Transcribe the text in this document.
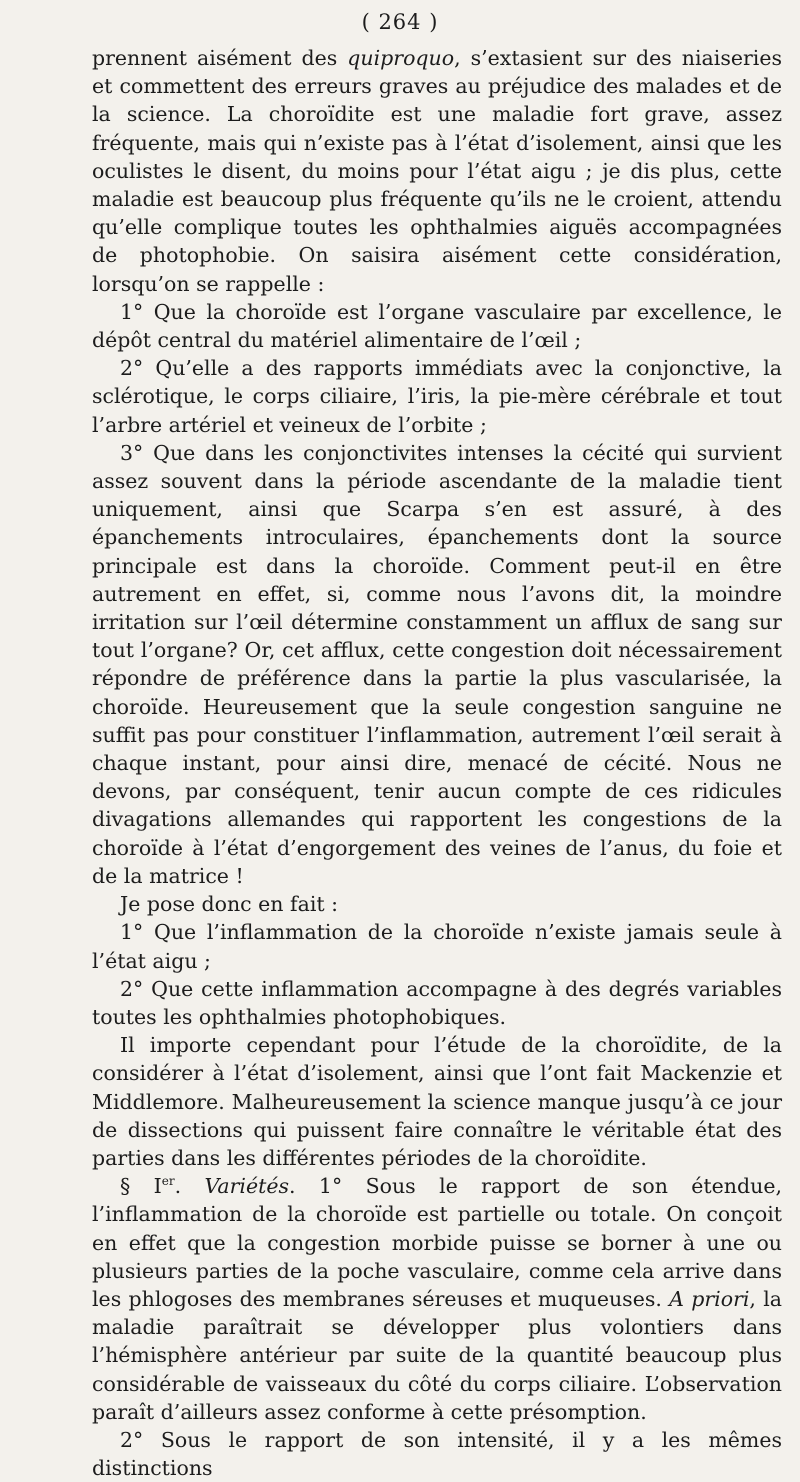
( 264 )

prennent aisément des quiproquo, s’extasient sur des niaiseries et commettent des erreurs graves au préjudice des malades et de la science. La choroïdite est une maladie fort grave, assez fréquente, mais qui n’existe pas à l’état d’isolement, ainsi que les oculistes le disent, du moins pour l’état aigu ; je dis plus, cette maladie est beaucoup plus fréquente qu’ils ne le croient, attendu qu’elle complique toutes les ophthalmies aiguës accompagnées de photophobie. On saisira aisément cette considération, lorsqu’on se rappelle :

1° Que la choroïde est l’organe vasculaire par excellence, le dépôt central du matériel alimentaire de l’œil ;

2° Qu’elle a des rapports immédiats avec la conjonctive, la sclérotique, le corps ciliaire, l’iris, la pie-mère cérébrale et tout l’arbre artériel et veineux de l’orbite ;

3° Que dans les conjonctivites intenses la cécité qui survient assez souvent dans la période ascendante de la maladie tient uniquement, ainsi que Scarpa s’en est assuré, à des épanchements introculaires, épanchements dont la source principale est dans la choroïde. Comment peut-il en être autrement en effet, si, comme nous l’avons dit, la moindre irritation sur l’œil détermine constamment un afflux de sang sur tout l’organe? Or, cet afflux, cette congestion doit nécessairement répondre de préférence dans la partie la plus vascularisée, la choroïde. Heureusement que la seule congestion sanguine ne suffit pas pour constituer l’inflammation, autrement l’œil serait à chaque instant, pour ainsi dire, menacé de cécité. Nous ne devons, par conséquent, tenir aucun compte de ces ridicules divagations allemandes qui rapportent les congestions de la choroïde à l’état d’engorgement des veines de l’anus, du foie et de la matrice !

Je pose donc en fait :

1° Que l’inflammation de la choroïde n’existe jamais seule à l’état aigu ;

2° Que cette inflammation accompagne à des degrés variables toutes les ophthalmies photophobiques.

Il importe cependant pour l’étude de la choroïdite, de la considérer à l’état d’isolement, ainsi que l’ont fait Mackenzie et Middlemore. Malheureusement la science manque jusqu’à ce jour de dissections qui puissent faire connaître le véritable état des parties dans les différentes périodes de la choroïdite.

§ Ier. Variétés. 1° Sous le rapport de son étendue, l’inflammation de la choroïde est partielle ou totale. On conçoit en effet que la congestion morbide puisse se borner à une ou plusieurs parties de la poche vasculaire, comme cela arrive dans les phlogoses des membranes séreuses et muqueuses. A priori, la maladie paraîtrait se développer plus volontiers dans l’hémisphère antérieur par suite de la quantité beaucoup plus considérable de vaisseaux du côté du corps ciliaire. L’observation paraît d’ailleurs assez conforme à cette présomption.

2° Sous le rapport de son intensité, il y a les mêmes distinctions
